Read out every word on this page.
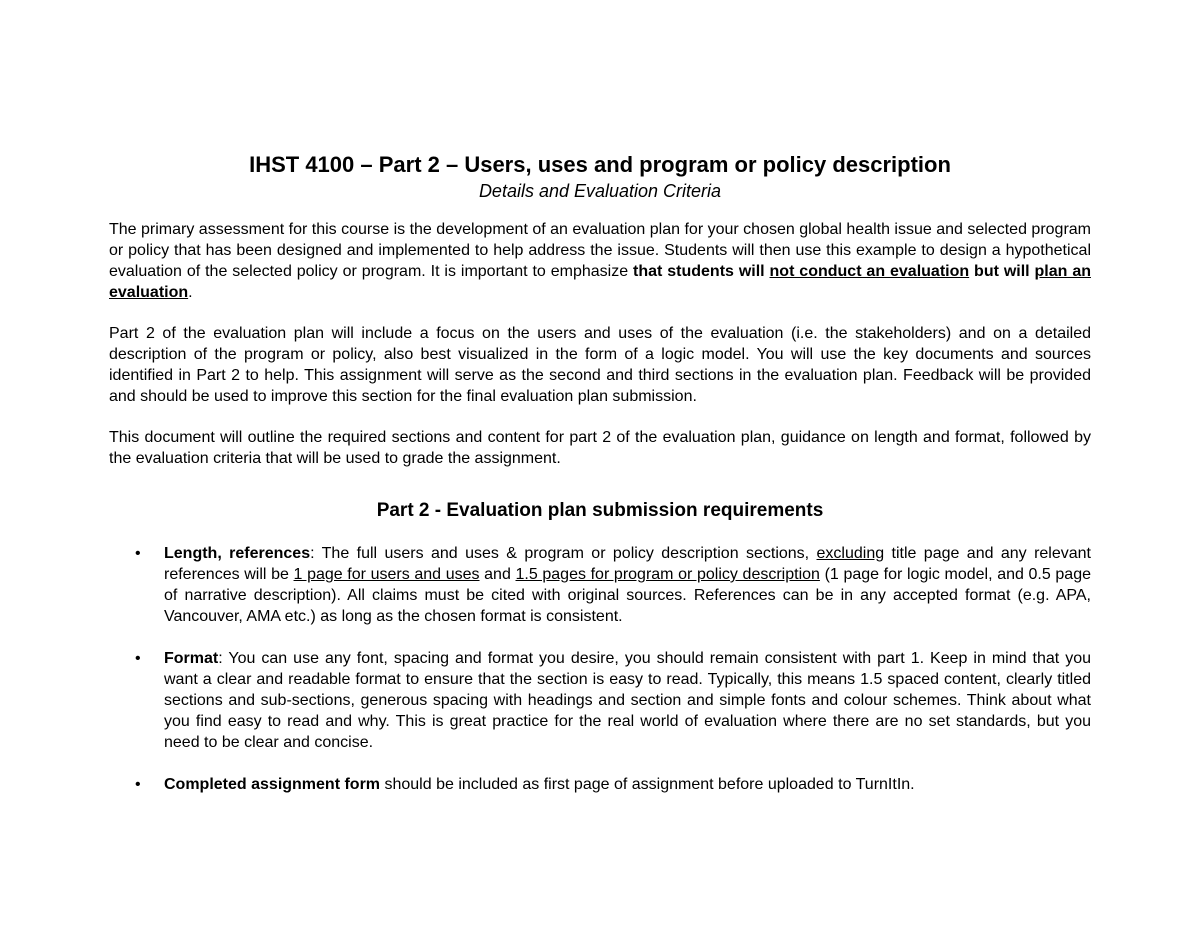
IHST 4100 – Part 2 – Users, uses and program or policy description

Details and Evaluation Criteria

The primary assessment for this course is the development of an evaluation plan for your chosen global health issue and selected program or policy that has been designed and implemented to help address the issue. Students will then use this example to design a hypothetical evaluation of the selected policy or program. It is important to emphasize that students will not conduct an evaluation but will plan an evaluation.

Part 2 of the evaluation plan will include a focus on the users and uses of the evaluation (i.e. the stakeholders) and on a detailed description of the program or policy, also best visualized in the form of a logic model. You will use the key documents and sources identified in Part 2 to help. This assignment will serve as the second and third sections in the evaluation plan. Feedback will be provided and should be used to improve this section for the final evaluation plan submission.

This document will outline the required sections and content for part 2 of the evaluation plan, guidance on length and format, followed by the evaluation criteria that will be used to grade the assignment.

Part 2 - Evaluation plan submission requirements
• Length, references: The full users and uses & program or policy description sections, excluding title page and any relevant references will be 1 page for users and uses and 1.5 pages for program or policy description (1 page for logic model, and 0.5 page of narrative description). All claims must be cited with original sources. References can be in any accepted format (e.g. APA, Vancouver, AMA etc.) as long as the chosen format is consistent.
• Format: You can use any font, spacing and format you desire, you should remain consistent with part 1. Keep in mind that you want a clear and readable format to ensure that the section is easy to read. Typically, this means 1.5 spaced content, clearly titled sections and sub-sections, generous spacing with headings and section and simple fonts and colour schemes. Think about what you find easy to read and why. This is great practice for the real world of evaluation where there are no set standards, but you need to be clear and concise.
• Completed assignment form should be included as first page of assignment before uploaded to TurnItIn.
